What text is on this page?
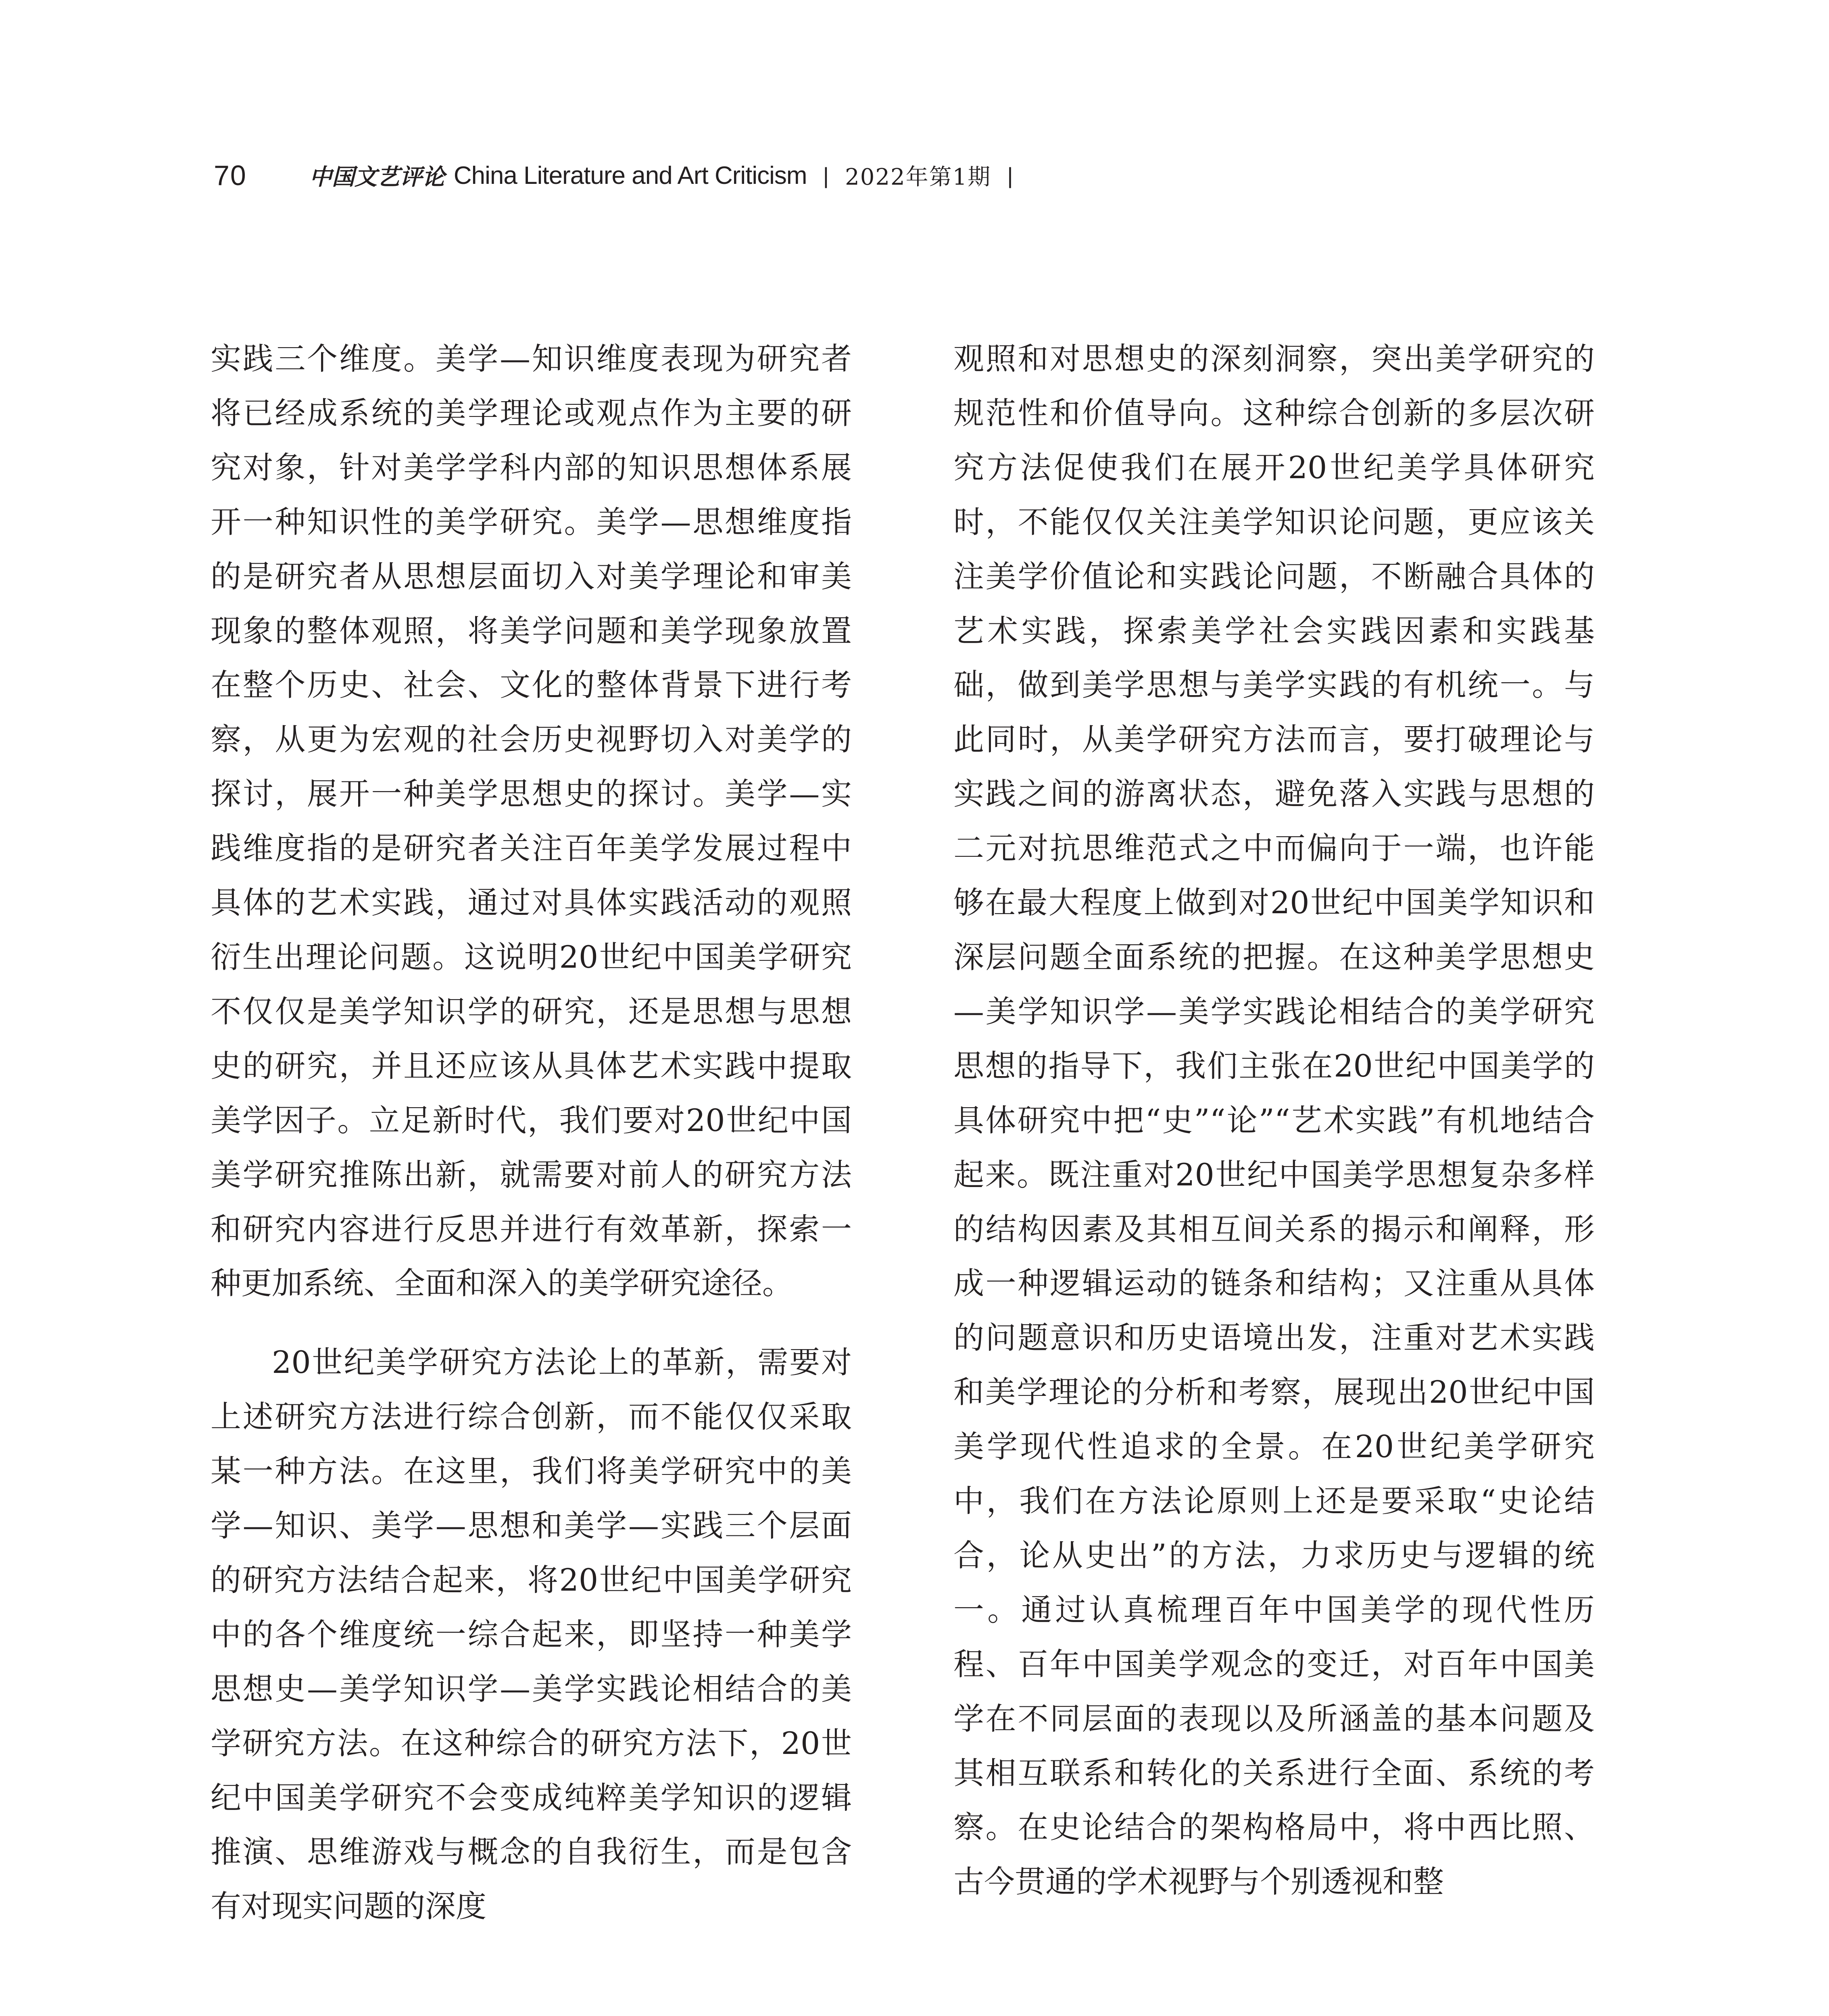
70	中国文艺评论 China Literature and Art Criticism | 2022年第1期 |

实践三个维度。美学—知识维度表现为研究者将已经成系统的美学理论或观点作为主要的研究对象，针对美学学科内部的知识思想体系展开一种知识性的美学研究。美学—思想维度指的是研究者从思想层面切入对美学理论和审美现象的整体观照，将美学问题和美学现象放置在整个历史、社会、文化的整体背景下进行考察，从更为宏观的社会历史视野切入对美学的探讨，展开一种美学思想史的探讨。美学—实践维度指的是研究者关注百年美学发展过程中具体的艺术实践，通过对具体实践活动的观照衍生出理论问题。这说明20世纪中国美学研究不仅仅是美学知识学的研究，还是思想与思想史的研究，并且还应该从具体艺术实践中提取美学因子。立足新时代，我们要对20世纪中国美学研究推陈出新，就需要对前人的研究方法和研究内容进行反思并进行有效革新，探索一种更加系统、全面和深入的美学研究途径。

20世纪美学研究方法论上的革新，需要对上述研究方法进行综合创新，而不能仅仅采取某一种方法。在这里，我们将美学研究中的美学—知识、美学—思想和美学—实践三个层面的研究方法结合起来，将20世纪中国美学研究中的各个维度统一综合起来，即坚持一种美学思想史—美学知识学—美学实践论相结合的美学研究方法。在这种综合的研究方法下，20世纪中国美学研究不会变成纯粹美学知识的逻辑推演、思维游戏与概念的自我衍生，而是包含有对现实问题的深度

观照和对思想史的深刻洞察，突出美学研究的规范性和价值导向。这种综合创新的多层次研究方法促使我们在展开20世纪美学具体研究时，不能仅仅关注美学知识论问题，更应该关注美学价值论和实践论问题，不断融合具体的艺术实践，探索美学社会实践因素和实践基础，做到美学思想与美学实践的有机统一。与此同时，从美学研究方法而言，要打破理论与实践之间的游离状态，避免落入实践与思想的二元对抗思维范式之中而偏向于一端，也许能够在最大程度上做到对20世纪中国美学知识和深层问题全面系统的把握。在这种美学思想史—美学知识学—美学实践论相结合的美学研究思想的指导下，我们主张在20世纪中国美学的具体研究中把“史”“论”“艺术实践”有机地结合起来。既注重对20世纪中国美学思想复杂多样的结构因素及其相互间关系的揭示和阐释，形成一种逻辑运动的链条和结构；又注重从具体的问题意识和历史语境出发，注重对艺术实践和美学理论的分析和考察，展现出20世纪中国美学现代性追求的全景。在20世纪美学研究中，我们在方法论原则上还是要采取“史论结合，论从史出”的方法，力求历史与逻辑的统一。通过认真梳理百年中国美学的现代性历程、百年中国美学观念的变迁，对百年中国美学在不同层面的表现以及所涵盖的基本问题及其相互联系和转化的关系进行全面、系统的考察。在史论结合的架构格局中，将中西比照、古今贯通的学术视野与个别透视和整
